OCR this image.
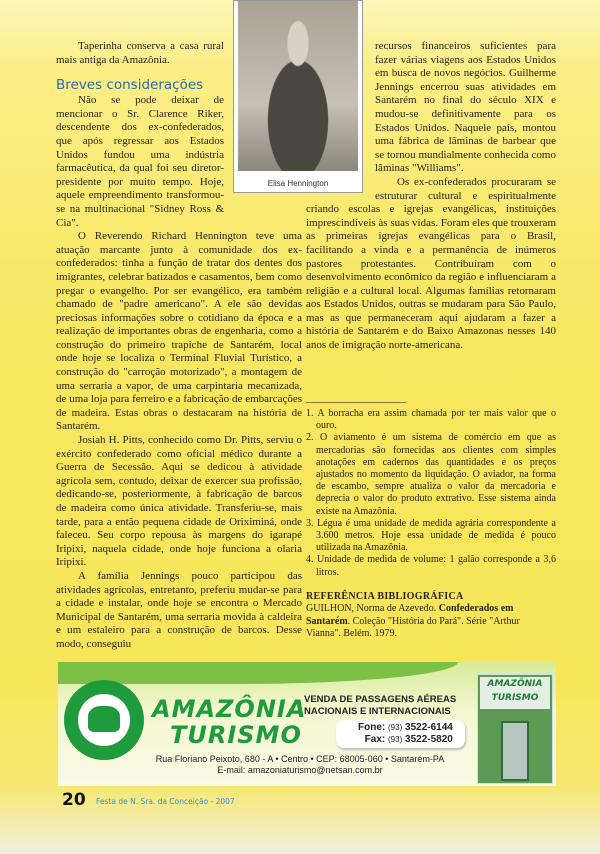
Taperinha conserva a casa rural mais antiga da Amazônia.

Breves considerações

Não se pode deixar de mencionar o Sr. Clarence Riker, descendente dos ex-confederados, que após regressar aos Estados Unidos fundou uma indústria farmacêutica, da qual foi seu diretor-presidente por muito tempo. Hoje, aquele empreendimento transformou-se na multinacional "Sidney Ross & Cia".

O Reverendo Richard Hennington teve uma atuação marcante junto à comunidade dos ex-confederados: tinha a função de tratar dos dentes dos imigrantes, celebrar batizados e casamentos, bem como pregar o evangelho. Por ser evangélico, era também chamado de "padre americano". A ele são devidas preciosas informações sobre o cotidiano da época e a realização de importantes obras de engenharia, como a construção do primeiro trapiche de Santarém, local onde hoje se localiza o Terminal Fluvial Turístico, a construção do "carroção motorizado", a montagem de uma serraria a vapor, de uma carpintaria mecanizada, de uma loja para ferreiro e a fabricação de embarcações de madeira. Estas obras o destacaram na história de Santarém.

Josiah H. Pitts, conhecido como Dr. Pitts, serviu o exército confederado como oficial médico durante a Guerra de Secessão. Aqui se dedicou à atividade agrícola sem, contudo, deixar de exercer sua profissão, dedicando-se, posteriormente, à fabricação de barcos de madeira como única atividade. Transferiu-se, mais tarde, para a então pequena cidade de Oriximiná, onde faleceu. Seu corpo repousa às margens do igarapé Iripixi, naquela cidade, onde hoje funciona a olaria Iripixi.

A família Jennings pouco participou das atividades agrícolas, entretanto, preferiu mudar-se para a cidade e instalar, onde hoje se encontra o Mercado Municipal de Santarém, uma serraria movida à caldeira e um estaleiro para a construção de barcos. Desse modo, conseguiu

recursos financeiros suficientes para fazer várias viagens aos Estados Unidos em busca de novos negócios. Guilherme Jennings encerrou suas atividades em Santarém no final do século XIX e mudou-se definitivamente para os Estados Unidos. Naquele país, montou uma fábrica de lâminas de barbear que se tornou mundialmente conhecida como lâminas "Williams".

Os ex-confederados procuraram se estruturar cultural e espiritualmente criando escolas e igrejas evangélicas, instituições imprescindíveis às suas vidas. Foram eles que trouxeram as primeiras igrejas evangélicas para o Brasil, facilitando a vinda e a permanência de inúmeros pastores protestantes. Contribuíram com o desenvolvimento econômico da região e influenciaram a religião e a cultural local. Algumas famílias retornaram aos Estados Unidos, outras se mudaram para São Paulo, mas as que permaneceram aqui ajudaram a fazer a história de Santarém e do Baixo Amazonas nesses 140 anos de imigração norte-americana.

Elisa Hennington
1. A borracha era assim chamada por ter mais valor que o ouro.
2. O aviamento é um sistema de comércio em que as mercadorias são fornecidas aos clientes com simples anotações em cadernos das quantidades e os preços ajustados no momento da liquidação. O aviador, na forma de escambo, sempre atualiza o valor da mercadoria e deprecia o valor do produto extrativo. Esse sistema ainda existe na Amazônia.
3. Légua é uma unidade de medida agrária correspondente a 3.600 metros. Hoje essa unidade de medida é pouco utilizada na Amazônia.
4. Unidade de medida de volume: 1 galão corresponde a 3,6 litros.
REFERÊNCIA BIBLIOGRÁFICA
GUILHON, Norma de Azevedo. Confederados em Santarém. Coleção "História do Pará". Série "Arthur Vianna". Belém. 1979.
AMAZÔNIA
TURISMO
VENDA DE PASSAGENS AÉREAS
NACIONAIS E INTERNACIONAIS
Fone: (93) 3522-6144
Fax: (93) 3522-5820
Rua Floriano Peixoto, 680 - A • Centro • CEP: 68005-060 • Santarém-PA
E-mail: amazoniaturismo@netsan.com.br
AMAZÔNIA TURISMO
20 Festa de N. Sra. da Conceição - 2007
